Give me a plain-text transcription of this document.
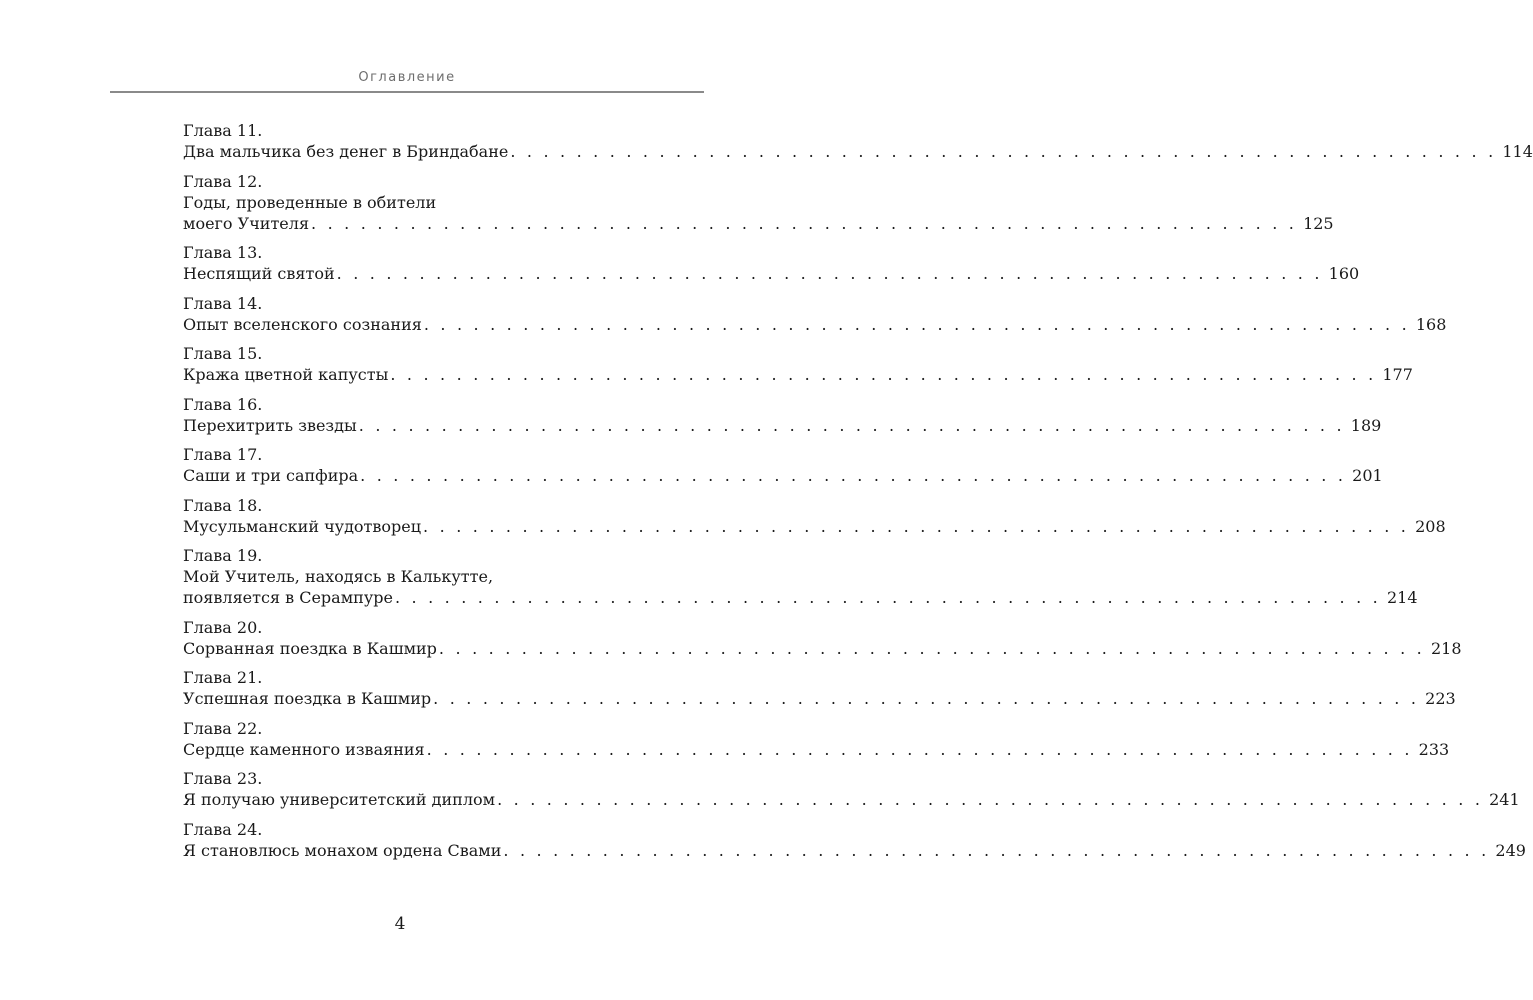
Оглавление
Глава 11.
Два мальчика без денег в Бриндабане . . . . . . . . . . . . . . . . . . . . . . . . . . . . . . . . . . . . . . . . . . . . . . . . . . . . . . . . . . . . 114
Глава 12.
Годы, проведенные в обители
моего Учителя . . . . . . . . . . . . . . . . . . . . . . . . . . . . . . . . . . . . . . . . . . . . . . . . . . . . . . . . . . . . 125
Глава 13.
Неспящий святой . . . . . . . . . . . . . . . . . . . . . . . . . . . . . . . . . . . . . . . . . . . . . . . . . . . . . . . . . . . . 160
Глава 14.
Опыт вселенского сознания . . . . . . . . . . . . . . . . . . . . . . . . . . . . . . . . . . . . . . . . . . . . . . . . . . . . . . . . . . . . 168
Глава 15.
Кража цветной капусты . . . . . . . . . . . . . . . . . . . . . . . . . . . . . . . . . . . . . . . . . . . . . . . . . . . . . . . . . . . . 177
Глава 16.
Перехитрить звезды . . . . . . . . . . . . . . . . . . . . . . . . . . . . . . . . . . . . . . . . . . . . . . . . . . . . . . . . . . . . 189
Глава 17.
Саши и три сапфира . . . . . . . . . . . . . . . . . . . . . . . . . . . . . . . . . . . . . . . . . . . . . . . . . . . . . . . . . . . . 201
Глава 18.
Мусульманский чудотворец . . . . . . . . . . . . . . . . . . . . . . . . . . . . . . . . . . . . . . . . . . . . . . . . . . . . . . . . . . . . 208
Глава 19.
Мой Учитель, находясь в Калькутте,
появляется в Серампуре . . . . . . . . . . . . . . . . . . . . . . . . . . . . . . . . . . . . . . . . . . . . . . . . . . . . . . . . . . . . 214
Глава 20.
Сорванная поездка в Кашмир . . . . . . . . . . . . . . . . . . . . . . . . . . . . . . . . . . . . . . . . . . . . . . . . . . . . . . . . . . . . 218
Глава 21.
Успешная поездка в Кашмир . . . . . . . . . . . . . . . . . . . . . . . . . . . . . . . . . . . . . . . . . . . . . . . . . . . . . . . . . . . . 223
Глава 22.
Сердце каменного изваяния . . . . . . . . . . . . . . . . . . . . . . . . . . . . . . . . . . . . . . . . . . . . . . . . . . . . . . . . . . . . 233
Глава 23.
Я получаю университетский диплом . . . . . . . . . . . . . . . . . . . . . . . . . . . . . . . . . . . . . . . . . . . . . . . . . . . . . . . . . . . . 241
Глава 24.
Я становлюсь монахом ордена Свами . . . . . . . . . . . . . . . . . . . . . . . . . . . . . . . . . . . . . . . . . . . . . . . . . . . . . . . . . . . . 249
4
